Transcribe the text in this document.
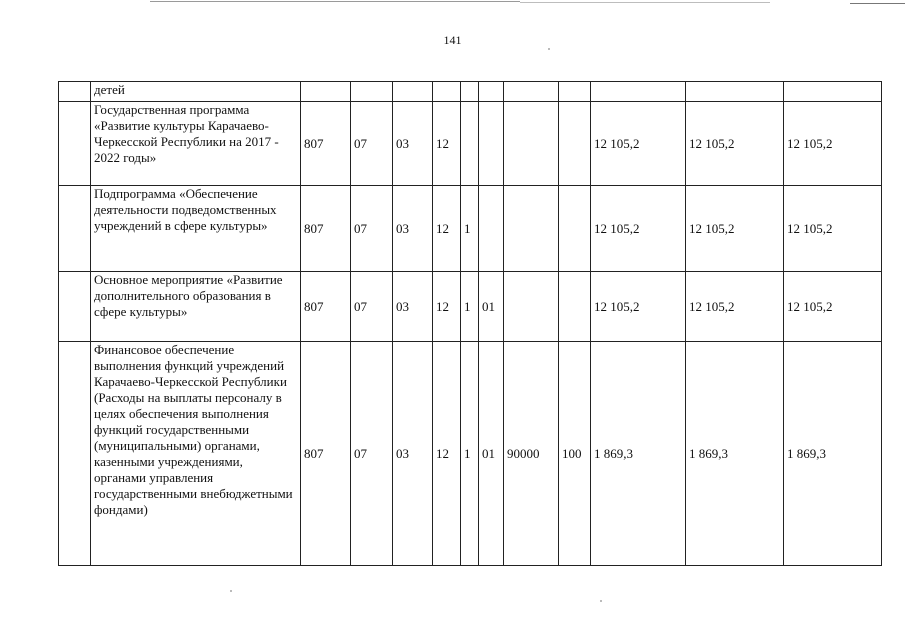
141
	детей											
	Государственная программа «Развитие культуры Карачаево-Черкесской Республики на 2017 - 2022 годы»	807	07	03	12					12 105,2	12 105,2	12 105,2
	Подпрограмма «Обеспечение деятельности подведомственных учреждений в сфере культуры»	807	07	03	12	1				12 105,2	12 105,2	12 105,2
	Основное мероприятие «Развитие дополнительного образования в сфере культуры»	807	07	03	12	1	01			12 105,2	12 105,2	12 105,2
	Финансовое обеспечение выполнения функций учреждений Карачаево-Черкесской Республики (Расходы на выплаты персоналу в целях обеспечения выполнения функций государственными (муниципальными) органами, казенными учреждениями, органами управления государственными внебюджетными фондами)	807	07	03	12	1	01	90000	100	1 869,3	1 869,3	1 869,3
